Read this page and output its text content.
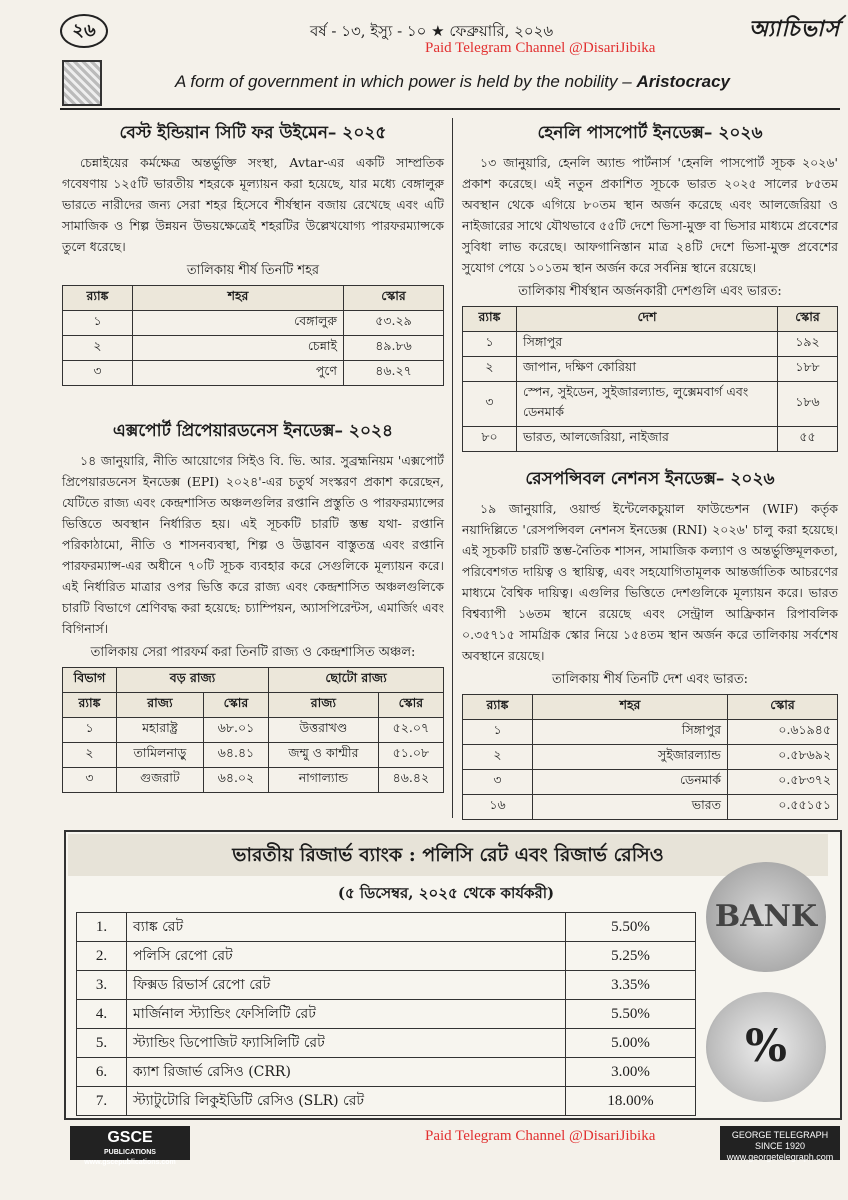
২৬	বর্ষ - ১৩, ইস্যু - ১০ ★ ফেব্রুয়ারি, ২০২৬	অ্যাচিভার্স
Paid Telegram Channel @DisariJibika
A form of government in which power is held by the nobility – Aristocracy
বেস্ট ইন্ডিয়ান সিটি ফর উইমেন– ২০২৫

চেন্নাইয়ের কর্মক্ষেত্র অন্তর্ভুক্তি সংস্থা, Avtar-এর একটি সাম্প্রতিক গবেষণায় ১২৫টি ভারতীয় শহরকে মূল্যায়ন করা হয়েছে, যার মধ্যে বেঙ্গালুরু ভারতে নারীদের জন্য সেরা শহর হিসেবে শীর্ষস্থান বজায় রেখেছে এবং এটি সামাজিক ও শিল্প উন্নয়ন উভয়ক্ষেত্রেই শহরটির উল্লেখযোগ্য পারফরম্যান্সকে তুলে ধরেছে।

তালিকায় শীর্ষ তিনটি শহর
র‍্যাঙ্ক	শহর	স্কোর
১	বেঙ্গালুরু	৫৩.২৯
২	চেন্নাই	৪৯.৮৬
৩	পুণে	৪৬.২৭
এক্সপোর্ট প্রিপেয়ারডনেস ইনডেক্স– ২০২৪

১৪ জানুয়ারি, নীতি আয়োগের সিইও বি. ভি. আর. সুব্রহ্মনিয়ম 'এক্সপোর্ট প্রিপেয়ারডনেস ইনডেক্স (EPI) ২০২৪'-এর চতুর্থ সংস্করণ প্রকাশ করেছেন, যেটিতে রাজ্য এবং কেন্দ্রশাসিত অঞ্চলগুলির রপ্তানি প্রস্তুতি ও পারফরম্যান্সের ভিত্তিতে অবস্থান নির্ধারিত হয়। এই সূচকটি চারটি স্তম্ভ যথা- রপ্তানি পরিকাঠামো, নীতি ও শাসনব্যবস্থা, শিল্প ও উদ্ভাবন বাস্তুতন্ত্র এবং রপ্তানি পারফরম্যান্স-এর অধীনে ৭০টি সূচক ব্যবহার করে সেগুলিকে মূল্যায়ন করে। এই নির্ধারিত মাত্রার ওপর ভিত্তি করে রাজ্য এবং কেন্দ্রশাসিত অঞ্চলগুলিকে চারটি বিভাগে শ্রেণিবদ্ধ করা হয়েছে: চ্যাম্পিয়ন, অ্যাসপিরেন্টস, এমার্জিং এবং বিগিনার্স।

তালিকায় সেরা পারফর্ম করা তিনটি রাজ্য ও কেন্দ্রশাসিত অঞ্চল:
বিভাগ	বড় রাজ্য		ছোটো রাজ্য	
র‍্যাঙ্ক	রাজ্য	স্কোর	রাজ্য	স্কোর
১	মহারাষ্ট্র	৬৮.০১	উত্তরাখণ্ড	৫২.০৭
২	তামিলনাড়ু	৬৪.৪১	জম্মু ও কাশ্মীর	৫১.০৮
৩	গুজরাট	৬৪.০২	নাগাল্যান্ড	৪৬.৪২
হেনলি পাসপোর্ট ইনডেক্স– ২০২৬

১৩ জানুয়ারি, হেনলি অ্যান্ড পার্টনার্স 'হেনলি পাসপোর্ট সূচক ২০২৬' প্রকাশ করেছে। এই নতুন প্রকাশিত সূচকে ভারত ২০২৫ সালের ৮৫তম অবস্থান থেকে এগিয়ে ৮০তম স্থান অর্জন করেছে এবং আলজেরিয়া ও নাইজারের সাথে যৌথভাবে ৫৫টি দেশে ভিসা-মুক্ত বা ভিসার মাধ্যমে প্রবেশের সুবিধা লাভ করেছে। আফগানিস্তান মাত্র ২৪টি দেশে ভিসা-মুক্ত প্রবেশের সুযোগ পেয়ে ১০১তম স্থান অর্জন করে সর্বনিম্ন স্থানে রয়েছে।

তালিকায় শীর্ষস্থান অর্জনকারী দেশগুলি এবং ভারত:
র‍্যাঙ্ক	দেশ	স্কোর
১	সিঙ্গাপুর	১৯২
২	জাপান, দক্ষিণ কোরিয়া	১৮৮
৩	স্পেন, সুইডেন, সুইজারল্যান্ড, লুক্সেমবার্গ এবং ডেনমার্ক	১৮৬
৮০	ভারত, আলজেরিয়া, নাইজার	৫৫
রেসপন্সিবল নেশনস ইনডেক্স– ২০২৬

১৯ জানুয়ারি, ওয়ার্ল্ড ইন্টেলেকচুয়াল ফাউন্ডেশন (WIF) কর্তৃক নয়াদিল্লিতে 'রেসপন্সিবল নেশনস ইনডেক্স (RNI) ২০২৬' চালু করা হয়েছে। এই সূচকটি চারটি স্তম্ভ-নৈতিক শাসন, সামাজিক কল্যাণ ও অন্তর্ভুক্তিমূলকতা, পরিবেশগত দায়িত্ব ও স্থায়িত্ব, এবং সহযোগিতামূলক আন্তর্জাতিক আচরণের মাধ্যমে বৈশ্বিক দায়িত্ব। এগুলির ভিত্তিতে দেশগুলিকে মূল্যায়ন করে। ভারত বিশ্বব্যাপী ১৬তম স্থানে রয়েছে এবং সেন্ট্রাল আফ্রিকান রিপাবলিক ০.৩৫৭১৫ সামগ্রিক স্কোর নিয়ে ১৫৪তম স্থান অর্জন করে তালিকায় সর্বশেষ অবস্থানে রয়েছে।

তালিকায় শীর্ষ তিনটি দেশ এবং ভারত:
র‍্যাঙ্ক	শহর	স্কোর
১	সিঙ্গাপুর	০.৬১৯৪৫
২	সুইজারল্যান্ড	০.৫৮৬৯২
৩	ডেনমার্ক	০.৫৮৩৭২
১৬	ভারত	০.৫৫১৫১
ভারতীয় রিজার্ভ ব্যাংক : পলিসি রেট এবং রিজার্ভ রেসিও
(৫ ডিসেম্বর, ২০২৫ থেকে কার্যকরী)
1.	ব্যাঙ্ক রেট	5.50%
2.	পলিসি রেপো রেট	5.25%
3.	ফিক্সড রিভার্স রেপো রেট	3.35%
4.	মার্জিনাল স্ট্যান্ডিং ফেসিলিটি রেট	5.50%
5.	স্ট্যান্ডিং ডিপোজিট ফ্যাসিলিটি রেট	5.00%
6.	ক্যাশ রিজার্ভ রেসিও (CRR)	3.00%
7.	স্ট্যাটুটোরি লিকুইডিটি রেসিও (SLR) রেট	18.00%
BANK
%
GSCE
PUBLICATIONS
www.gscepublications.com
Paid Telegram Channel @DisariJibika	GEORGE TELEGRAPH
SINCE 1920
www.georgetelegraph.com
